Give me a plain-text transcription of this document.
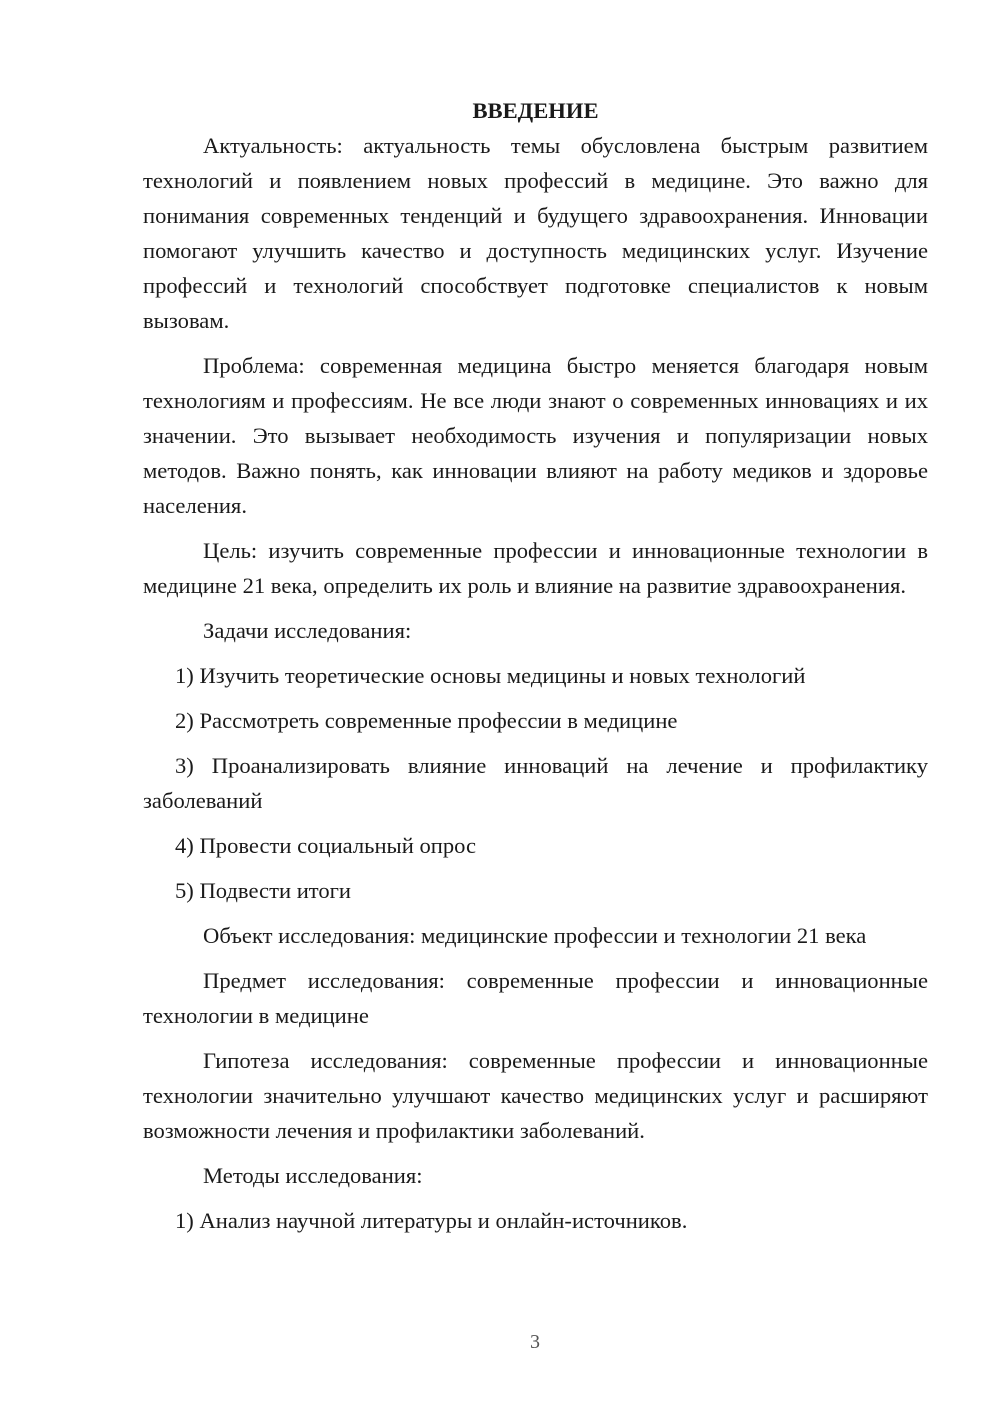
ВВЕДЕНИЕ

Актуальность: актуальность темы обусловлена быстрым развитием технологий и появлением новых профессий в медицине. Это важно для понимания современных тенденций и будущего здравоохранения. Инновации помогают улучшить качество и доступность медицинских услуг. Изучение профессий и технологий способствует подготовке специалистов к новым вызовам.

Проблема: современная медицина быстро меняется благодаря новым технологиям и профессиям. Не все люди знают о современных инновациях и их значении. Это вызывает необходимость изучения и популяризации новых методов. Важно понять, как инновации влияют на работу медиков и здоровье населения.

Цель: изучить современные профессии и инновационные технологии в медицине 21 века, определить их роль и влияние на развитие здравоохранения.

Задачи исследования:

1) Изучить теоретические основы медицины и новых технологий

2) Рассмотреть современные профессии в медицине

3) Проанализировать влияние инноваций на лечение и профилактику заболеваний

4) Провести социальный опрос

5) Подвести итоги

Объект исследования: медицинские профессии и технологии 21 века

Предмет исследования: современные профессии и инновационные технологии в медицине

Гипотеза исследования: современные профессии и инновационные технологии значительно улучшают качество медицинских услуг и расширяют возможности лечения и профилактики заболеваний.

Методы исследования:

1) Анализ научной литературы и онлайн-источников.

3
